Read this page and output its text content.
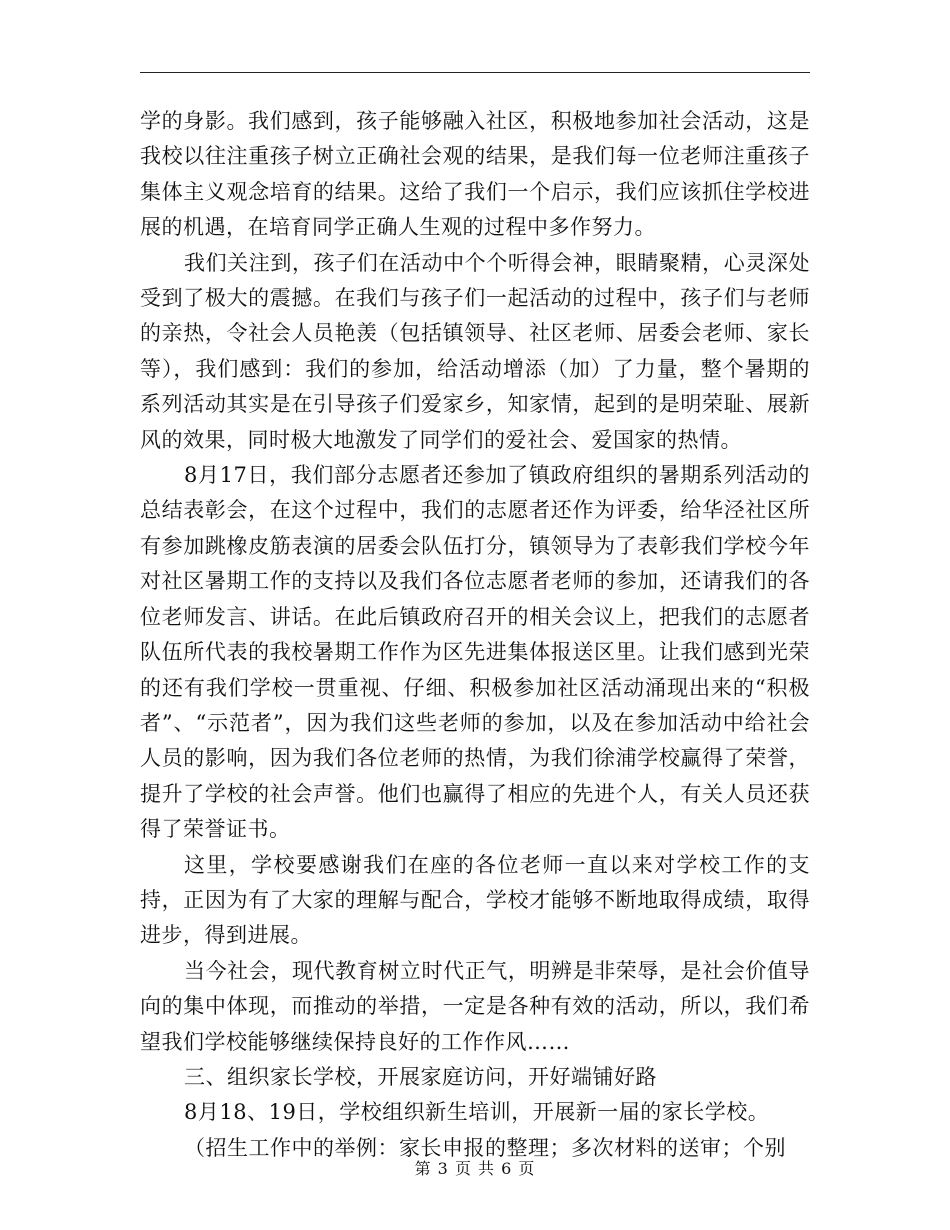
学的身影。我们感到，孩子能够融入社区，积极地参加社会活动，这是我校以往注重孩子树立正确社会观的结果，是我们每一位老师注重孩子集体主义观念培育的结果。这给了我们一个启示，我们应该抓住学校进展的机遇，在培育同学正确人生观的过程中多作努力。

我们关注到，孩子们在活动中个个听得会神，眼睛聚精，心灵深处受到了极大的震撼。在我们与孩子们一起活动的过程中，孩子们与老师的亲热，令社会人员艳羡（包括镇领导、社区老师、居委会老师、家长等），我们感到：我们的参加，给活动增添（加）了力量，整个暑期的系列活动其实是在引导孩子们爱家乡，知家情，起到的是明荣耻、展新风的效果，同时极大地激发了同学们的爱社会、爱国家的热情。

8月17日，我们部分志愿者还参加了镇政府组织的暑期系列活动的总结表彰会，在这个过程中，我们的志愿者还作为评委，给华泾社区所有参加跳橡皮筋表演的居委会队伍打分，镇领导为了表彰我们学校今年对社区暑期工作的支持以及我们各位志愿者老师的参加，还请我们的各位老师发言、讲话。在此后镇政府召开的相关会议上，把我们的志愿者队伍所代表的我校暑期工作作为区先进集体报送区里。让我们感到光荣的还有我们学校一贯重视、仔细、积极参加社区活动涌现出来的“积极者”、“示范者”，因为我们这些老师的参加，以及在参加活动中给社会人员的影响，因为我们各位老师的热情，为我们徐浦学校赢得了荣誉，提升了学校的社会声誉。他们也赢得了相应的先进个人，有关人员还获得了荣誉证书。

这里，学校要感谢我们在座的各位老师一直以来对学校工作的支持，正因为有了大家的理解与配合，学校才能够不断地取得成绩，取得进步，得到进展。

当今社会，现代教育树立时代正气，明辨是非荣辱，是社会价值导向的集中体现，而推动的举措，一定是各种有效的活动，所以，我们希望我们学校能够继续保持良好的工作作风……

三、组织家长学校，开展家庭访问，开好端铺好路

8月18、19日，学校组织新生培训，开展新一届的家长学校。

（招生工作中的举例：家长申报的整理；多次材料的送审；个别

第 3 页 共 6 页
